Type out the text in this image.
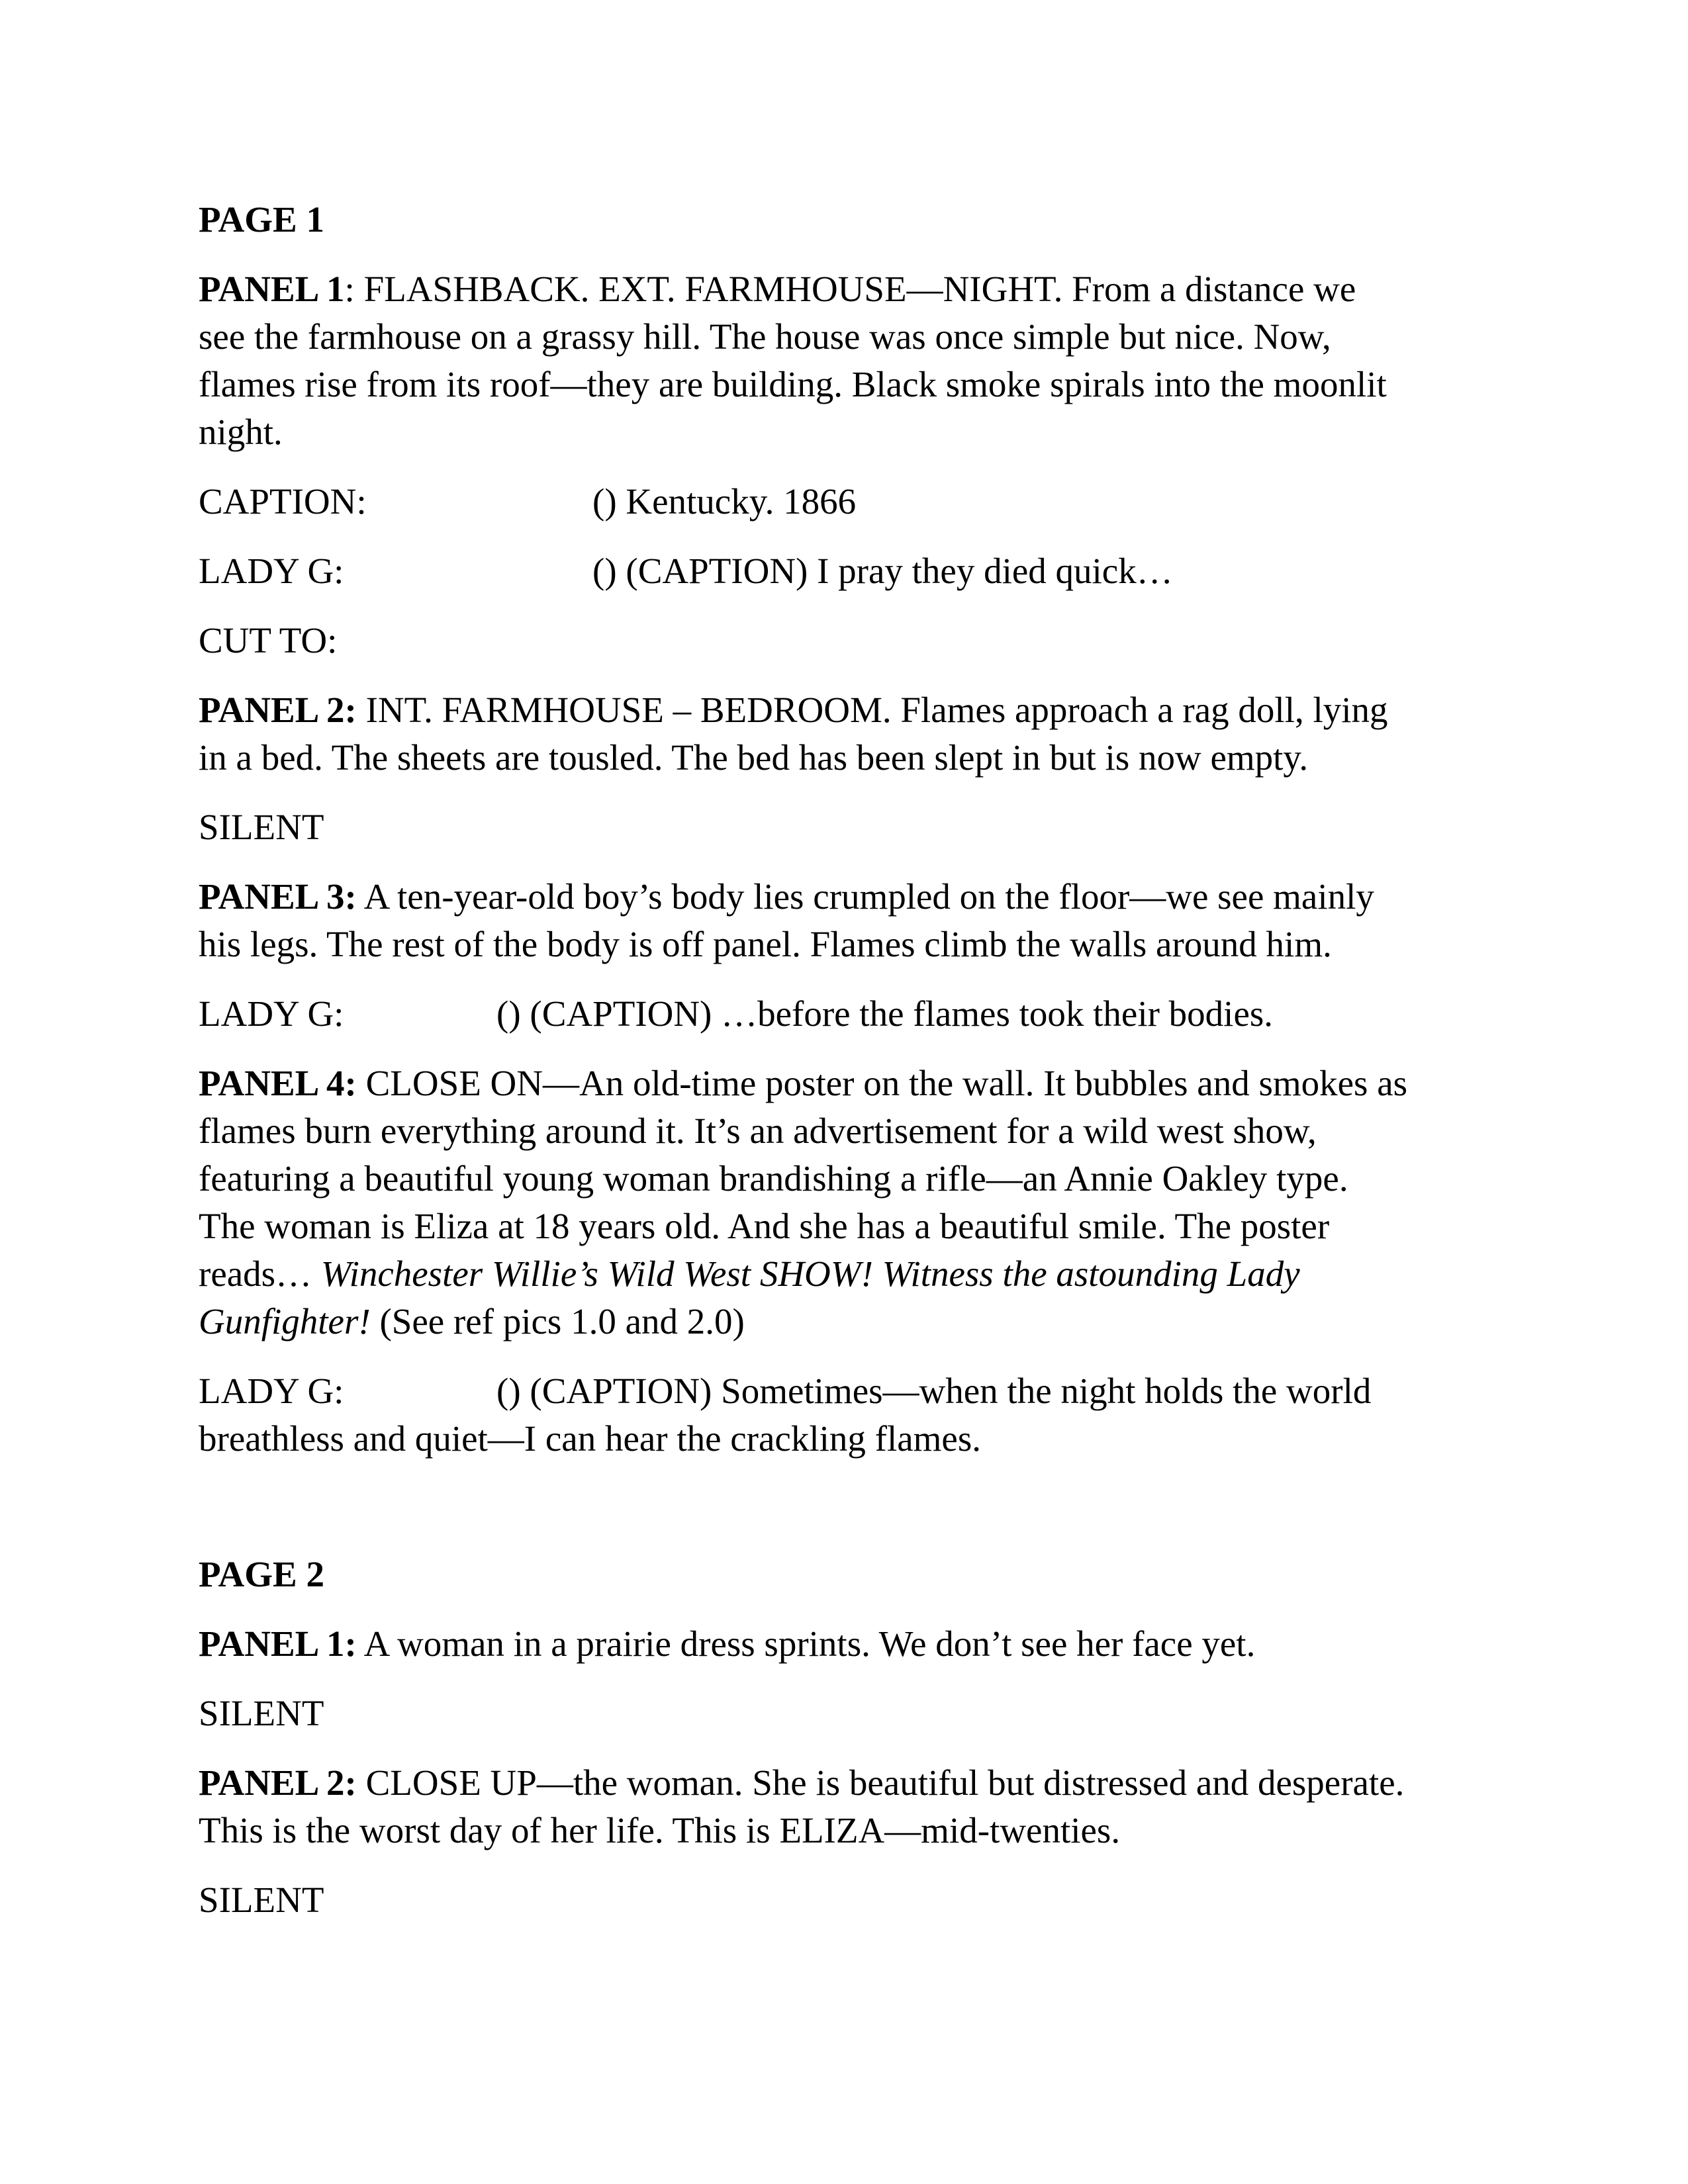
PAGE 1
PANEL 1: FLASHBACK. EXT. FARMHOUSE—NIGHT. From a distance we
see the farmhouse on a grassy hill. The house was once simple but nice. Now,
flames rise from its roof—they are building. Black smoke spirals into the moonlit
night.
CAPTION:	() Kentucky. 1866
LADY G:	() (CAPTION) I pray they died quick…
CUT TO:
PANEL 2: INT. FARMHOUSE – BEDROOM. Flames approach a rag doll, lying
in a bed. The sheets are tousled. The bed has been slept in but is now empty.
SILENT
PANEL 3: A ten-year-old boy’s body lies crumpled on the floor—we see mainly
his legs. The rest of the body is off panel. Flames climb the walls around him.
LADY G:	() (CAPTION) …before the flames took their bodies.
PANEL 4: CLOSE ON—An old-time poster on the wall. It bubbles and smokes as
flames burn everything around it. It’s an advertisement for a wild west show,
featuring a beautiful young woman brandishing a rifle—an Annie Oakley type.
The woman is Eliza at 18 years old. And she has a beautiful smile. The poster
reads… Winchester Willie’s Wild West SHOW! Witness the astounding Lady
Gunfighter! (See ref pics 1.0 and 2.0)
LADY G:	() (CAPTION) Sometimes—when the night holds the world
breathless and quiet—I can hear the crackling flames.
PAGE 2
PANEL 1: A woman in a prairie dress sprints. We don’t see her face yet.
SILENT
PANEL 2: CLOSE UP—the woman. She is beautiful but distressed and desperate.
This is the worst day of her life. This is ELIZA—mid-twenties.
SILENT
